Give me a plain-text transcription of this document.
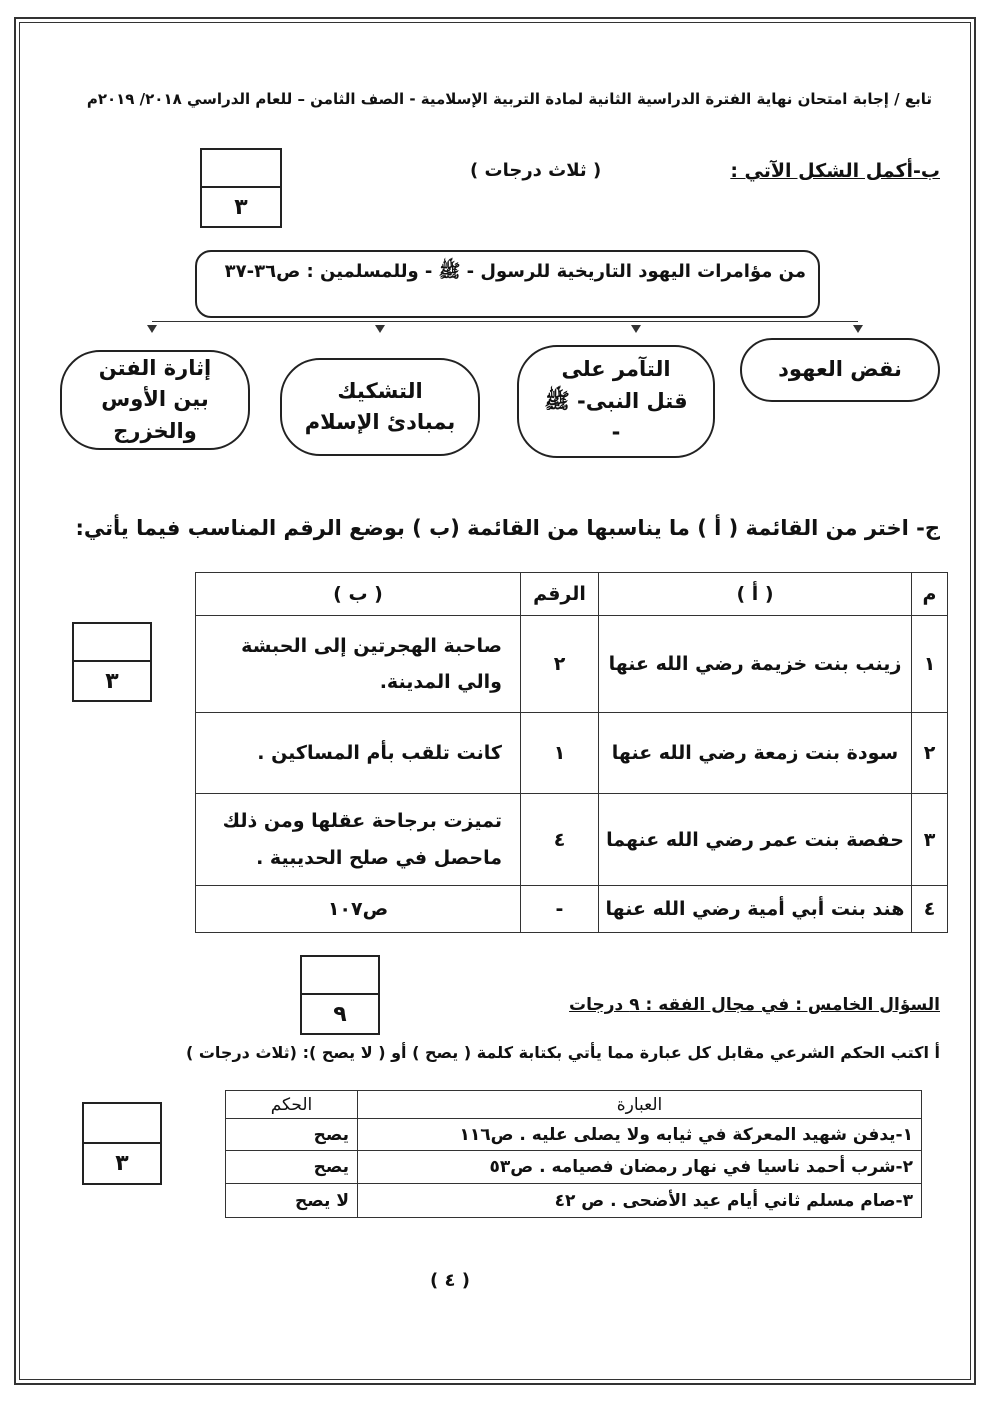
تابع / إجابة امتحان نهاية الفترة الدراسية الثانية لمادة التربية الإسلامية - الصف الثامن – للعام الدراسي ٢٠١٨/ ٢٠١٩م
٣
ب-أكمل الشكل الآتي :
( ثلاث درجات )
من مؤامرات اليهود التاريخية للرسول - ﷺ - وللمسلمين : ص٣٦-٣٧
نقض العهود
التآمر على قتل النبى- ﷺ -
التشكيك بمبادئ الإسلام
إثارة الفتن بين الأوس والخزرج
ج- اختر من القائمة ( أ ) ما يناسبها من القائمة (ب ) بوضع الرقم المناسب فيما يأتي:
٣
م	( أ )	الرقم	( ب )
١	زينب بنت خزيمة رضي الله عنها	٢	صاحبة الهجرتين إلى الحبشة والي المدينة.
٢	سودة بنت زمعة رضي الله عنها	١	كانت تلقب بأم المساكين .
٣	حفصة بنت عمر رضي الله عنهما	٤	تميزت برجاحة عقلها ومن ذلك ماحصل في صلح الحديبية .
٤	هند بنت أبي أمية رضي الله عنها	-	ص١٠٧
٩	السؤال الخامس : في مجال الفقه : ٩ درجات
أ اكتب الحكم الشرعي مقابل كل عبارة مما يأتي بكتابة كلمة ( يصح ) أو ( لا يصح ): (ثلاث درجات )
٣
العبارة	الحكم
١-يدفن شهيد المعركة في ثيابه ولا يصلى عليه . ص١١٦	يصح
٢-شرب أحمد ناسيا في نهار رمضان فصيامه . ص٥٣	يصح
٣-صام مسلم ثاني أيام عيد الأضحى . ص ٤٢	لا يصح
( ٤ )
